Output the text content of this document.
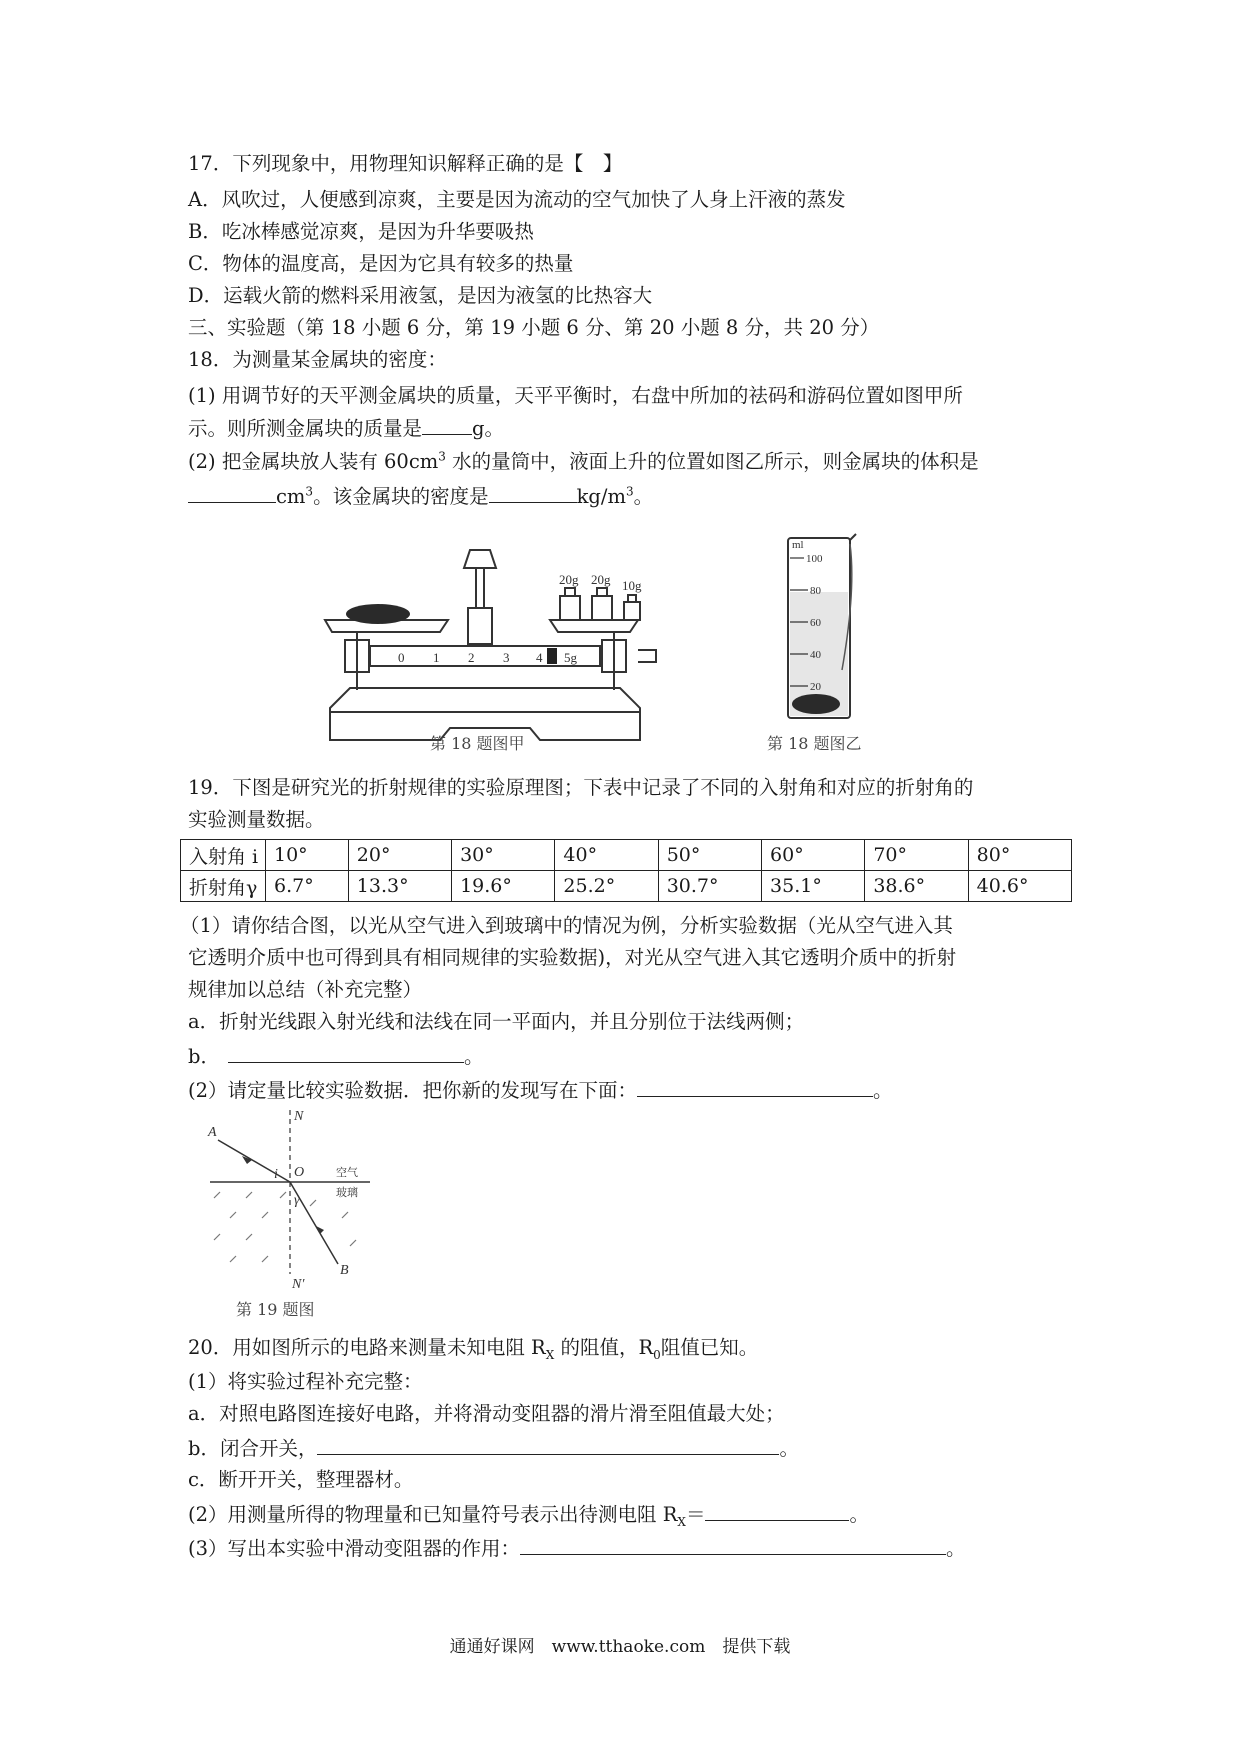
17．下列现象中，用物理知识解释正确的是【　】
A．风吹过，人便感到凉爽，主要是因为流动的空气加快了人身上汗液的蒸发
B．吃冰棒感觉凉爽，是因为升华要吸热
C．物体的温度高，是因为它具有较多的热量
D．运载火箭的燃料采用液氢，是因为液氢的比热容大
三、实验题（第 18 小题 6 分，第 19 小题 6 分、第 20 小题 8 分，共 20 分）
18．为测量某金属块的密度：
(1) 用调节好的天平测金属块的质量，天平平衡时，右盘中所加的祛码和游码位置如图甲所
示。则所测金属块的质量是	g。
(2) 把金属块放人装有 $60cm^3$ 水的量筒中，液面上升的位置如图乙所示，则金属块的体积是
$cm^3$。该金属块的密度是	$kg/m^3$。
20g 20g 10g
0 1 2 3 4 5g
第 18 题图甲
ml
100
80
60
40
20
第 18 题图乙
19．下图是研究光的折射规律的实验原理图；下表中记录了不同的入射角和对应的折射角的
实验测量数据。
入射角 i	10°	20°	30°	40°	50°	60°	70°	80°
折射角γ	6.7°	13.3°	19.6°	25.2°	30.7°	35.1°	38.6°	40.6°
（1）请你结合图，以光从空气进入到玻璃中的情况为例，分析实验数据（光从空气进入其
它透明介质中也可得到具有相同规律的实验数据)，对光从空气进入其它透明介质中的折射
规律加以总结（补充完整）
a．折射光线跟入射光线和法线在同一平面内，并且分别位于法线两侧；
b．	。
(2）请定量比较实验数据．把你新的发现写在下面：	。
N
A
i O
γ
B
N′
空气
玻璃
第 19 题图
20．用如图所示的电路来测量未知电阻 $R_X$ 的阻值，$R_0$阻值已知。
(1）将实验过程补充完整：
a．对照电路图连接好电路，并将滑动变阻器的滑片滑至阻值最大处；
b．闭合开关，	。
c．断开开关，整理器材。
(2）用测量所得的物理量和已知量符号表示出待测电阻 $R_X=$	。
(3）写出本实验中滑动变阻器的作用：	。
通通好课网　www.tthaoke.com　提供下载
